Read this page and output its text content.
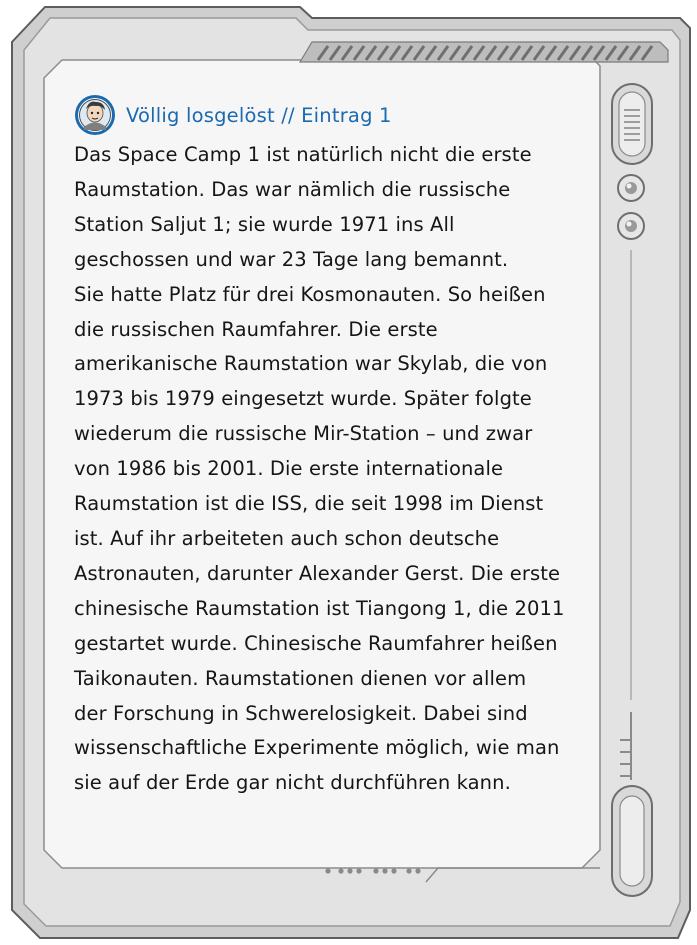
Völlig losgelöst // Eintrag 1
Das Space Camp 1 ist natürlich nicht die erste
Raumstation. Das war nämlich die russische
Station Saljut 1; sie wurde 1971 ins All
geschossen und war 23 Tage lang bemannt.
Sie hatte Platz für drei Kosmonauten. So heißen
die russischen Raumfahrer. Die erste
amerikanische Raumstation war Skylab, die von
1973 bis 1979 eingesetzt wurde. Später folgte
wiederum die russische Mir-Station – und zwar
von 1986 bis 2001. Die erste internationale
Raumstation ist die ISS, die seit 1998 im Dienst
ist. Auf ihr arbeiteten auch schon deutsche
Astronauten, darunter Alexander Gerst. Die erste
chinesische Raumstation ist Tiangong 1, die 2011
gestartet wurde. Chinesische Raumfahrer heißen
Taikonauten. Raumstationen dienen vor allem
der Forschung in Schwerelosigkeit. Dabei sind
wissenschaftliche Experimente möglich, wie man
sie auf der Erde gar nicht durchführen kann.
